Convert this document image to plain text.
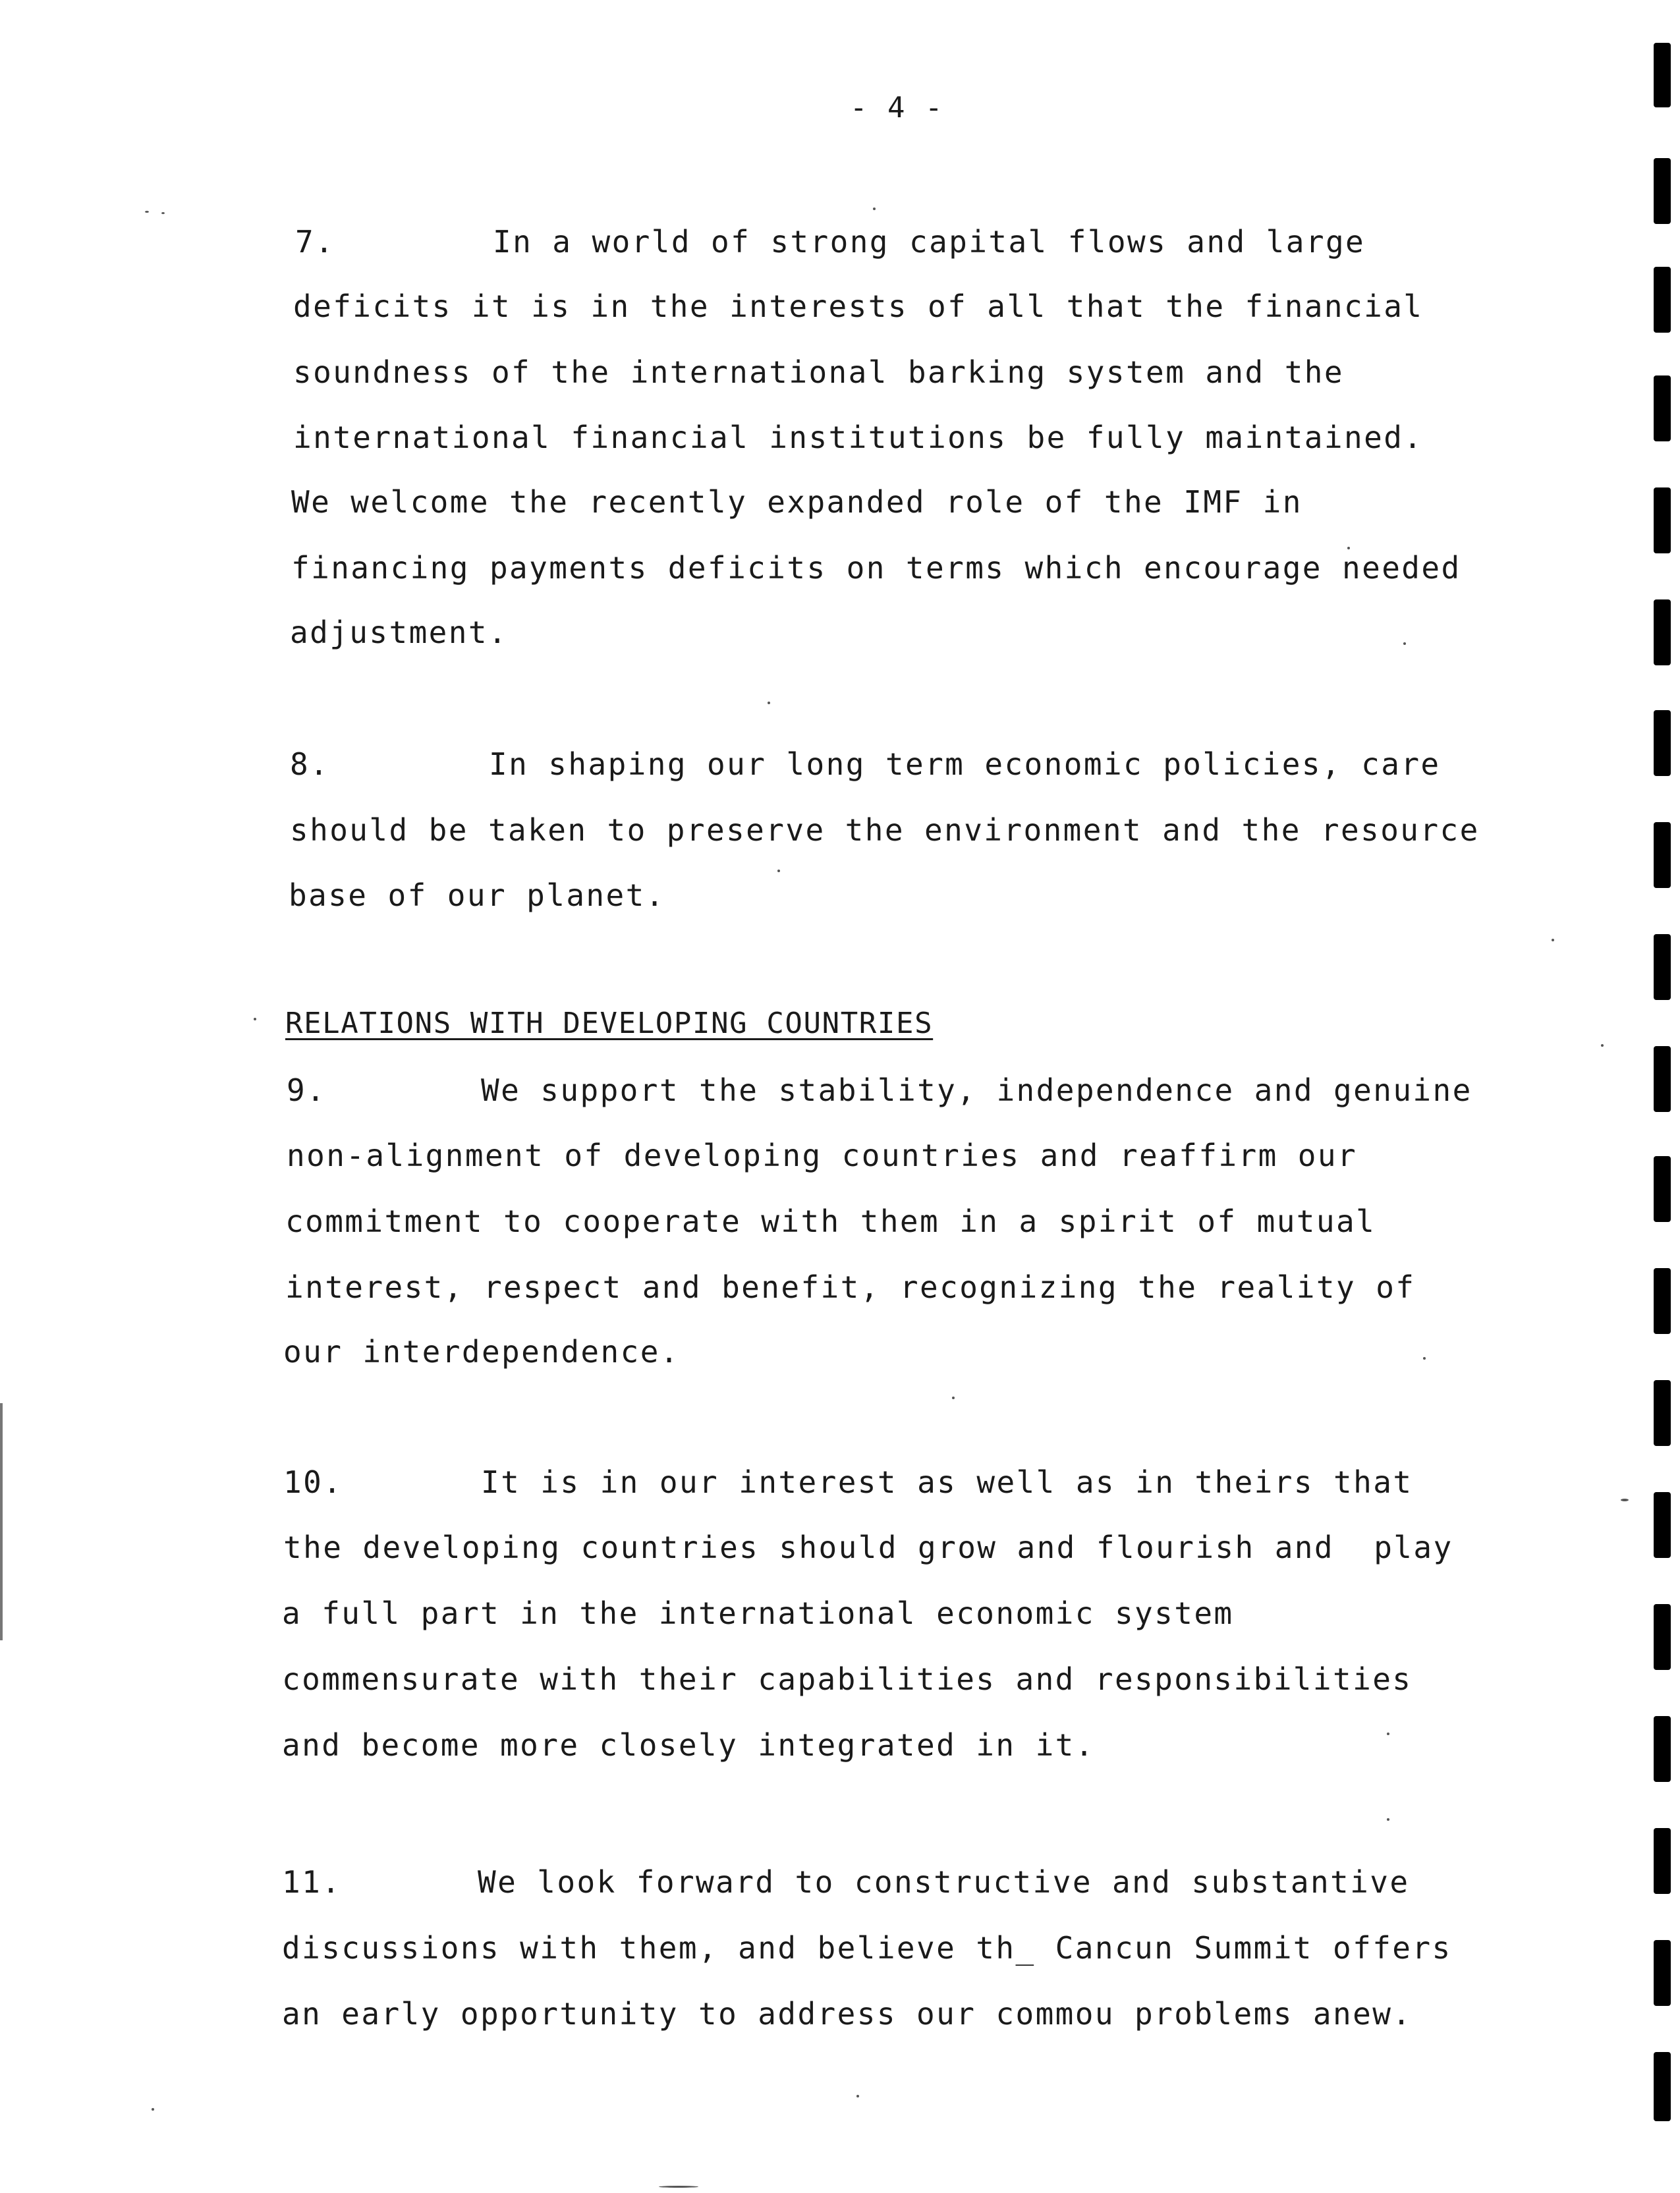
- 4 -
7.	In a world of strong capital flows and large
deficits it is in the interests of all that the financial
soundness of the international barking system and the
international financial institutions be fully maintained.
We welcome the recently expanded role of the IMF in
financing payments deficits on terms which encourage needed
adjustment.
8.	In shaping our long term economic policies, care
should be taken to preserve the environment and the resource
base of our planet.
RELATIONS WITH DEVELOPING COUNTRIES
9.	We support the stability, independence and genuine
non-alignment of developing countries and reaffirm our
commitment to cooperate with them in a spirit of mutual
interest, respect and benefit, recognizing the reality of
our interdependence.
10.	It is in our interest as well as in theirs that
the developing countries should grow and flourish and  play
a full part in the international economic system
commensurate with their capabilities and responsibilities
and become more closely integrated in it.
11.	We look forward to constructive and substantive
discussions with them, and believe th_ Cancun Summit offers
an early opportunity to address our commou problems anew.
